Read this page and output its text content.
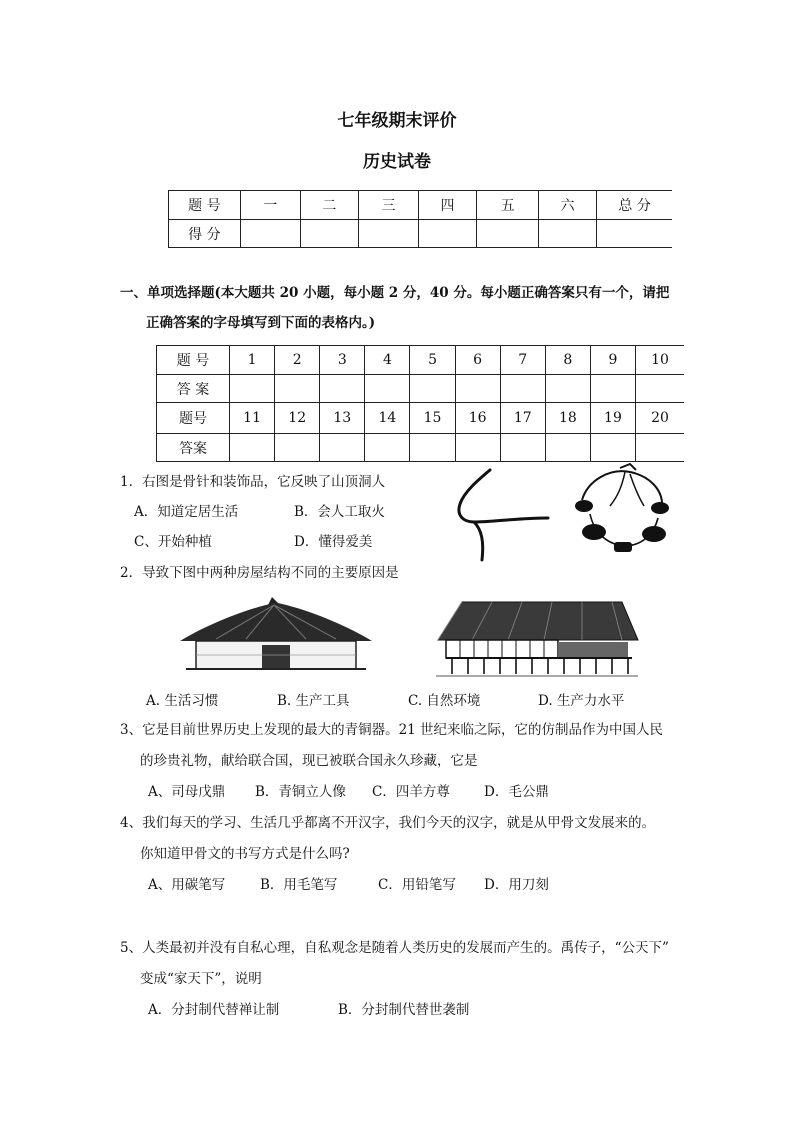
七年级期末评价
历史试卷
题 号	一	二	三	四	五	六	总 分
得 分							
一、单项选择题(本大题共 20 小题，每小题 2 分，40 分。每小题正确答案只有一个，请把
正确答案的字母填写到下面的表格内。)
题 号	1	2	3	4	5	6	7	8	9	10
答 案										
题号	11	12	13	14	15	16	17	18	19	20
答案										
1．右图是骨针和装饰品，它反映了山顶洞人
A．知道定居生活	B．会人工取火
C、开始种植	D．懂得爱美
2．导致下图中两种房屋结构不同的主要原因是
A. 生活习惯	B. 生产工具	C. 自然环境	D. 生产力水平
3、它是目前世界历史上发现的最大的青铜器。21 世纪来临之际，它的仿制品作为中国人民
的珍贵礼物，献给联合国，现已被联合国永久珍藏，它是
A、司母戊鼎 B．青铜立人像 C．四羊方尊	D．毛公鼎
4、我们每天的学习、生活几乎都离不开汉字，我们今天的汉字，就是从甲骨文发展来的。
你知道甲骨文的书写方式是什么吗?
A、用碳笔写	B．用毛笔写	C．用铅笔写 D．用刀刻
5、人类最初并没有自私心理，自私观念是随着人类历史的发展而产生的。禹传子，“公天下”
变成“家天下”，说明
A．分封制代替禅让制	B．分封制代替世袭制
